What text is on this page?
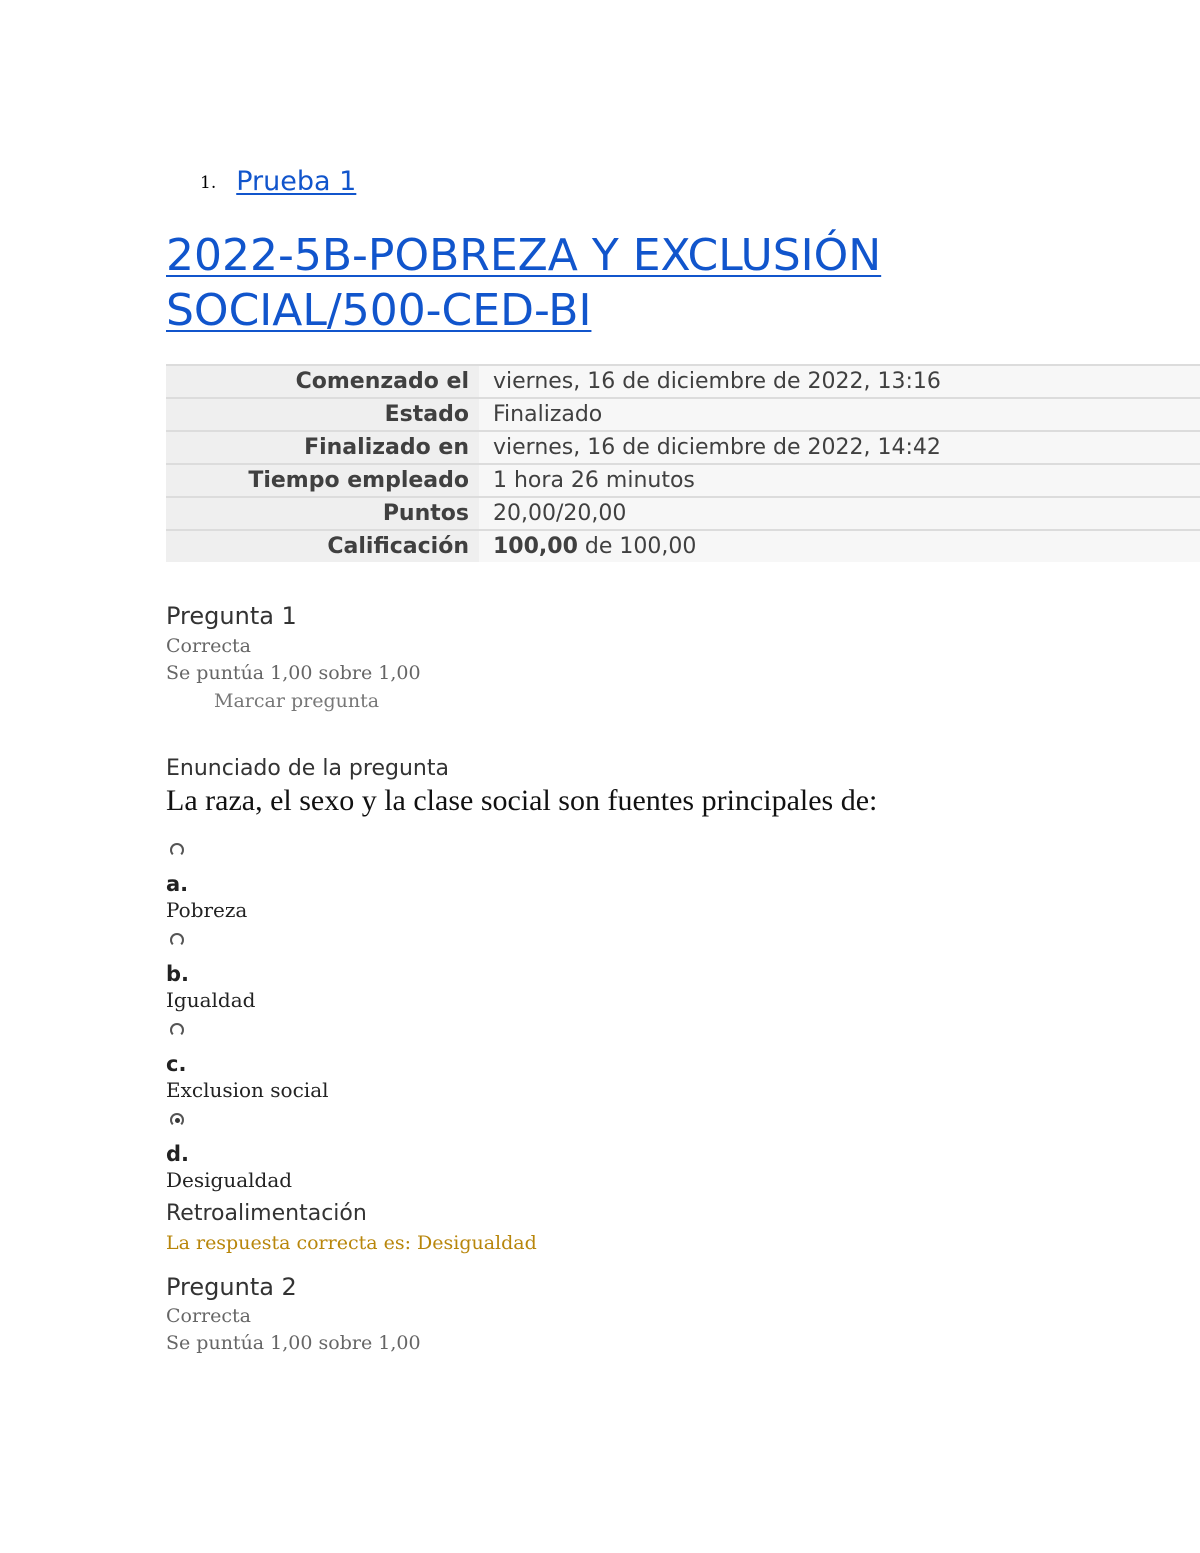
1. Prueba 1
2022-5B-POBREZA Y EXCLUSIÓN SOCIAL/500-CED-BI
Comenzado el	viernes, 16 de diciembre de 2022, 13:16
Estado	Finalizado
Finalizado en	viernes, 16 de diciembre de 2022, 14:42
Tiempo empleado	1 hora 26 minutos
Puntos	20,00/20,00
Calificación	100,00 de 100,00
Pregunta 1
Correcta
Se puntúa 1,00 sobre 1,00
Marcar pregunta
Enunciado de la pregunta
La raza, el sexo y la clase social son fuentes principales de:
a.
Pobreza
b.
Igualdad
c.
Exclusion social
d.
Desigualdad
Retroalimentación
La respuesta correcta es: Desigualdad
Pregunta 2
Correcta
Se puntúa 1,00 sobre 1,00
